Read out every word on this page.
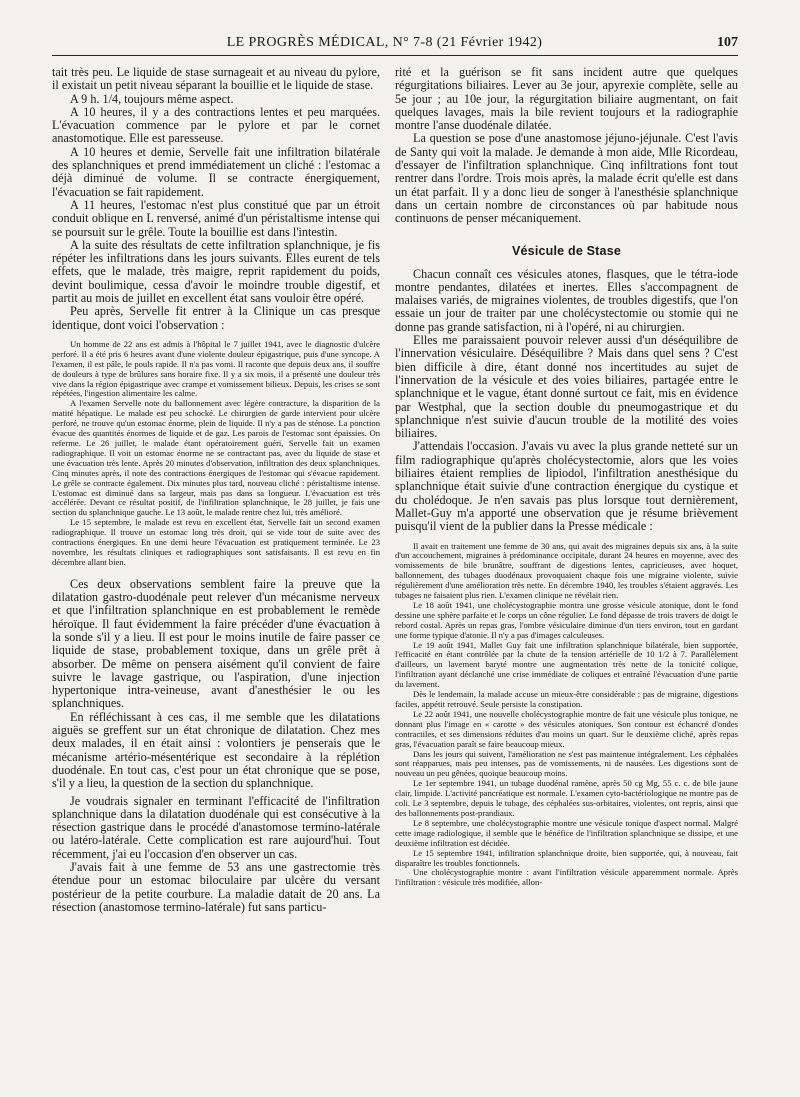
LE PROGRÈS MÉDICAL, N° 7-8 (21 Février 1942)	107

tait très peu. Le liquide de stase surnageait et au niveau du pylore, il existait un petit niveau séparant la bouillie et le liquide de stase.

A 9 h. 1/4, toujours même aspect.

A 10 heures, il y a des contractions lentes et peu marquées. L'évacuation commence par le pylore et par le cornet anastomotique. Elle est paresseuse.

A 10 heures et demie, Servelle fait une infiltration bilatérale des splanchniques et prend immédiatement un cliché : l'estomac a déjà diminué de volume. Il se contracte énergiquement, l'évacuation se fait rapidement.

A 11 heures, l'estomac n'est plus constitué que par un étroit conduit oblique en L renversé, animé d'un péristaltisme intense qui se poursuit sur le grêle. Toute la bouillie est dans l'intestin.

A la suite des résultats de cette infiltration splanchnique, je fis répéter les infiltrations dans les jours suivants. Elles eurent de tels effets, que le malade, très maigre, reprit rapidement du poids, devint boulimique, cessa d'avoir le moindre trouble digestif, et partit au mois de juillet en excellent état sans vouloir être opéré.

Peu après, Servelle fit entrer à la Clinique un cas presque identique, dont voici l'observation :

Un homme de 22 ans est admis à l'hôpital le 7 juillet 1941, avec le diagnostic d'ulcère perforé. Il a été pris 6 heures avant d'une violente douleur épigastrique, puis d'une syncope. A l'examen, il est pâle, le pouls rapide. Il n'a pas vomi. Il raconte que depuis deux ans, il souffre de douleurs à type de brûlures sans horaire fixe. Il y a six mois, il a présenté une douleur très vive dans la région épigastrique avec crampe et vomissement bilieux. Depuis, les crises se sont répétées, l'ingestion alimentaire les calme.

A l'examen Servelle note du ballonnement avec légère contracture, la disparition de la matité hépatique. Le malade est peu schocké. Le chirurgien de garde intervient pour ulcère perforé, ne trouve qu'un estomac énorme, plein de liquide. Il n'y a pas de sténose. La ponction évacue des quantités énormes de liquide et de gaz. Les parois de l'estomac sont épaissies. On referme. Le 26 juillet, le malade étant opératoirement guéri, Servelle fait un examen radiographique. Il voit un estomac énorme ne se contractant pas, avec du liquide de stase et une évacuation très lente. Après 20 minutes d'observation, infiltration des deux splanchniques. Cinq minutes après, il note des contractions énergiques de l'estomac qui s'évacue rapidement. Le grêle se contracte également. Dix minutes plus tard, nouveau cliché : péristaltisme intense. L'estomac est diminué dans sa largeur, mais pas dans sa longueur. L'évacuation est très accélérée. Devant ce résultat positif, de l'infiltration splanchnique, le 28 juillet, je fais une section du splanchnique gauche. Le 13 août, le malade rentre chez lui, très amélioré.

Le 15 septembre, le malade est revu en excellent état, Servelle fait un second examen radiographique. Il trouve un estomac long très droit, qui se vide tout de suite avec des contractions énergiques. En une demi heure l'évacuation est pratiquement terminée. Le 23 novembre, les résultats cliniques et radiographiques sont satisfaisants. Il est revu en fin décembre allant bien.

Ces deux observations semblent faire la preuve que la dilatation gastro-duodénale peut relever d'un mécanisme nerveux et que l'infiltration splanchnique en est probablement le remède héroïque. Il faut évidemment la faire précéder d'une évacuation à la sonde s'il y a lieu. Il est pour le moins inutile de faire passer ce liquide de stase, probablement toxique, dans un grêle prêt à absorber. De même on pensera aisément qu'il convient de faire suivre le lavage gastrique, ou l'aspiration, d'une injection hypertonique intra-veineuse, avant d'anesthésier le ou les splanchniques.

En réfléchissant à ces cas, il me semble que les dilatations aiguës se greffent sur un état chronique de dilatation. Chez mes deux malades, il en était ainsi : volontiers je penserais que le mécanisme artério-mésentérique est secondaire à la réplétion duodénale. En tout cas, c'est pour un état chronique que se pose, s'il y a lieu, la question de la section du splanchnique.

Je voudrais signaler en terminant l'efficacité de l'infiltration splanchnique dans la dilatation duodénale qui est consécutive à la résection gastrique dans le procédé d'anastomose termino-latérale ou latéro-latérale. Cette complication est rare aujourd'hui. Tout récemment, j'ai eu l'occasion d'en observer un cas.

J'avais fait à une femme de 53 ans une gastrectomie très étendue pour un estomac biloculaire par ulcère du versant postérieur de la petite courbure. La maladie datait de 20 ans. La résection (anastomose termino-latérale) fut sans particu-

rité et la guérison se fit sans incident autre que quelques régurgitations biliaires. Lever au 3e jour, apyrexie complète, selle au 5e jour ; au 10e jour, la régurgitation biliaire augmentant, on fait quelques lavages, mais la bile revient toujours et la radiographie montre l'anse duodénale dilatée.

La question se pose d'une anastomose jéjuno-jéjunale. C'est l'avis de Santy qui voit la malade. Je demande à mon aide, Mlle Ricordeau, d'essayer de l'infiltration splanchnique. Cinq infiltrations font tout rentrer dans l'ordre. Trois mois après, la malade écrit qu'elle est dans un état parfait. Il y a donc lieu de songer à l'anesthésie splanchnique dans un certain nombre de circonstances où par habitude nous continuons de penser mécaniquement.

Vésicule de Stase

Chacun connaît ces vésicules atones, flasques, que le tétra-iode montre pendantes, dilatées et inertes. Elles s'accompagnent de malaises variés, de migraines violentes, de troubles digestifs, que l'on essaie un jour de traiter par une cholécystectomie ou stomie qui ne donne pas grande satisfaction, ni à l'opéré, ni au chirurgien.

Elles me paraissaient pouvoir relever aussi d'un déséquilibre de l'innervation vésiculaire. Déséquilibre ? Mais dans quel sens ? C'est bien difficile à dire, étant donné nos incertitudes au sujet de l'innervation de la vésicule et des voies biliaires, partagée entre le splanchnique et le vague, étant donné surtout ce fait, mis en évidence par Westphal, que la section double du pneumogastrique et du splanchnique n'est suivie d'aucun trouble de la motilité des voies biliaires.

J'attendais l'occasion. J'avais vu avec la plus grande netteté sur un film radiographique qu'après cholécystectomie, alors que les voies biliaires étaient remplies de lipiodol, l'infiltration anesthésique du splanchnique était suivie d'une contraction énergique du cystique et du cholédoque. Je n'en savais pas plus lorsque tout dernièrement, Mallet-Guy m'a apporté une observation que je résume brièvement puisqu'il vient de la publier dans la Presse médicale :

Il avait en traitement une femme de 30 ans, qui avait des migraines depuis six ans, à la suite d'un accouchement, migraines à prédominance occipitale, durant 24 heures en moyenne, avec des vomissements de bile brunâtre, souffrant de digestions lentes, capricieuses, avec hoquet, ballonnement, des tubages duodénaux provoquaient chaque fois une migraine violente, suivie régulièrement d'une amélioration très nette. En décembre 1940, les troubles s'étaient aggravés. Les tubages ne faisaient plus rien. L'examen clinique ne révélait rien.

Le 18 août 1941, une cholécystographie montra une grosse vésicule atonique, dont le fond dessine une sphère parfaite et le corps un cône régulier. Le fond dépasse de trois travers de doigt le rebord costal. Après un repas gras, l'ombre vésiculaire diminue d'un tiers environ, tout en gardant une forme typique d'atonie. Il n'y a pas d'images calculeuses.

Le 19 août 1941, Mallet Guy fait une infiltration splanchnique bilatérale, bien supportée, l'efficacité en étant contrôlée par la chute de la tension artérielle de 10 1/2 à 7. Parallèlement d'ailleurs, un lavement baryté montre une augmentation très nette de la tonicité colique, l'infiltration ayant déclanché une crise immédiate de coliques et entraîné l'évacuation d'une partie du lavement.

Dès le lendemain, la malade accuse un mieux-être considérable : pas de migraine, digestions faciles, appétit retrouvé. Seule persiste la constipation.

Le 22 août 1941, une nouvelle cholécystographie montre de fait une vésicule plus tonique, ne donnant plus l'image en « carotte » des vésicules atoniques. Son contour est échancré d'ondes contractiles, et ses dimensions réduites d'au moins un quart. Sur le deuxième cliché, après repas gras, l'évacuation paraît se faire beaucoup mieux.

Dans les jours qui suivent, l'amélioration ne s'est pas maintenue intégralement. Les céphalées sont réapparues, mais peu intenses, pas de vomissements, ni de nausées. Les digestions sont de nouveau un peu gênées, quoique beaucoup moins.

Le 1er septembre 1941, un tubage duodénal ramène, après 50 cg Mg, 55 c. c. de bile jaune clair, limpide. L'activité pancréatique est normale. L'examen cyto-bactériologique ne montre pas de coli. Le 3 septembre, depuis le tubage, des céphalées sus-orbitaires, violentes, ont repris, ainsi que des ballonnements post-prandiaux.

Le 8 septembre, une cholécystographie montre une vésicule tonique d'aspect normal. Malgré cette image radiologique, il semble que le bénéfice de l'infiltration splanchnique se dissipe, et une deuxième infiltration est décidée.

Le 15 septembre 1941, infiltration splanchnique droite, bien supportée, qui, à nouveau, fait disparaître les troubles fonctionnels.

Une cholécystographie montre : avant l'infiltration vésicule apparemment normale. Après l'infiltration : vésicule très modifiée, allon-
